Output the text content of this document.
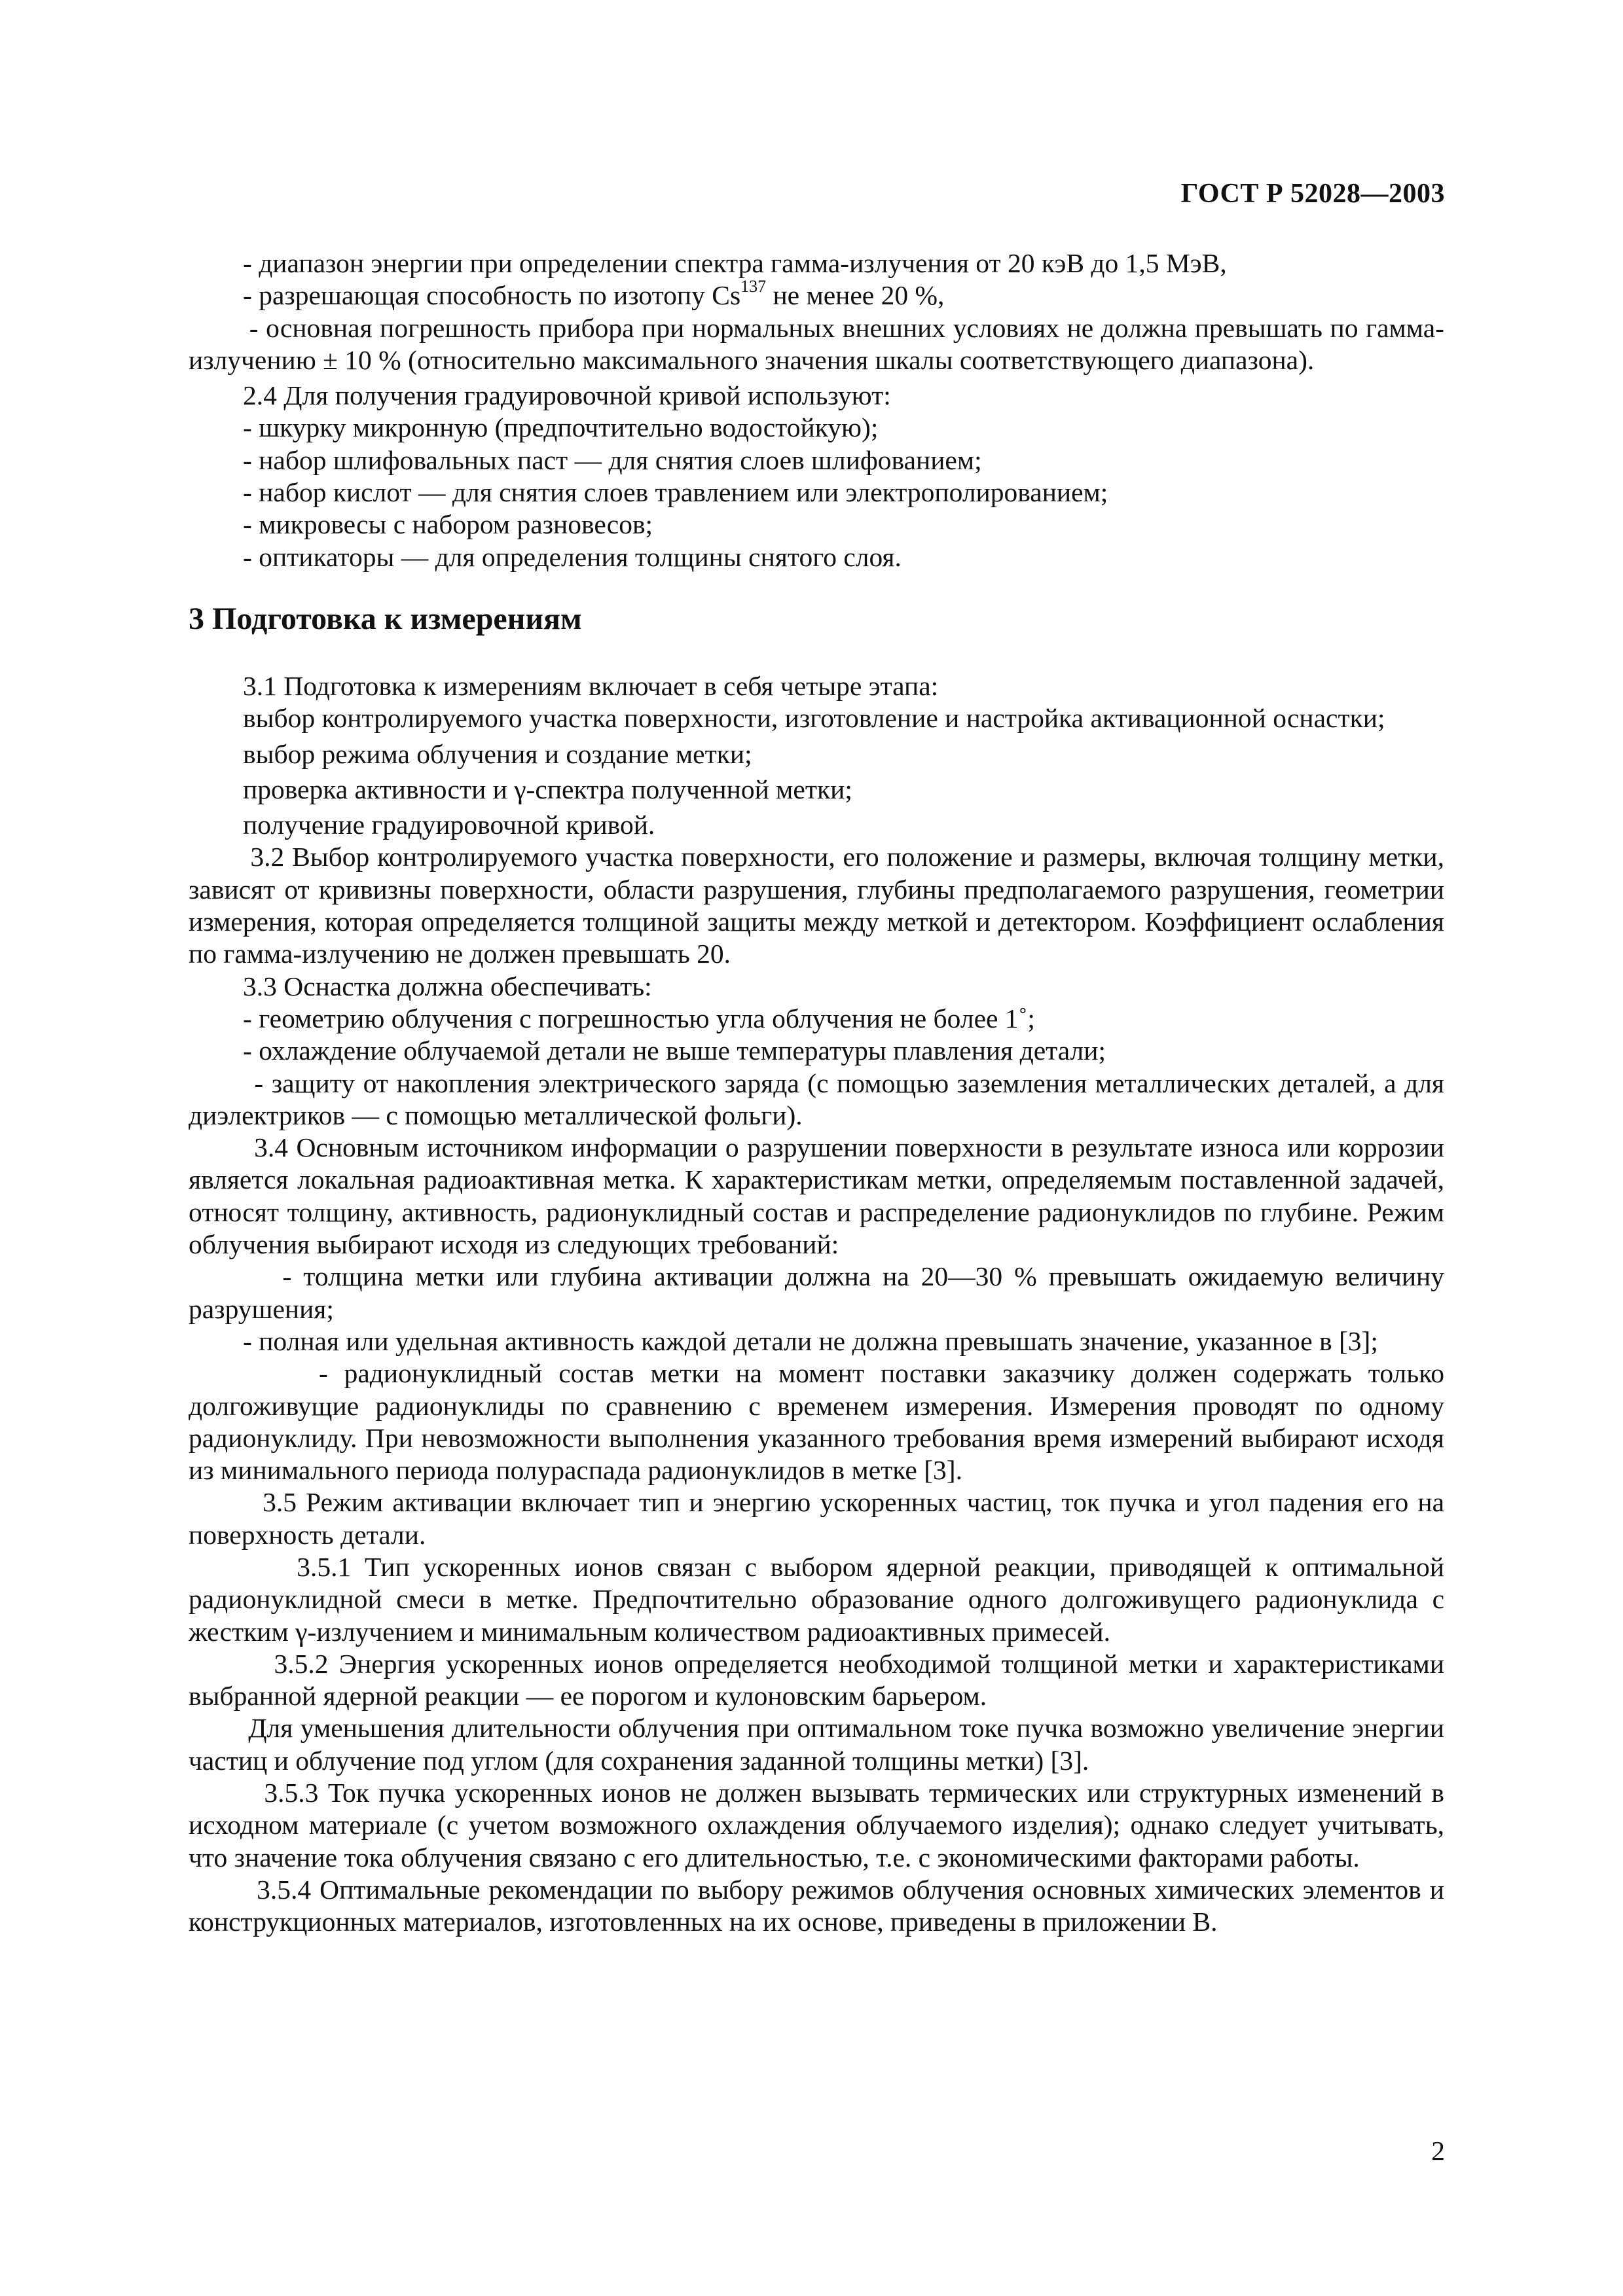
ГОСТ Р 52028—2003

- диапазон энергии при определении спектра гамма-излучения от 20 кэВ до 1,5 МэВ,

- разрешающая способность по изотопу Cs$^{137}$ не менее 20 %,

- основная погрешность прибора при нормальных внешних условиях не должна превышать по гамма-излучению ± 10 % (относительно максимального значения шкалы соответствующего диапазона).

2.4 Для получения градуировочной кривой используют:

- шкурку микронную (предпочтительно водостойкую);

- набор шлифовальных паст — для снятия слоев шлифованием;

- набор кислот — для снятия слоев травлением или электрополированием;

- микровесы с набором разновесов;

- оптикаторы — для определения толщины снятого слоя.

3 Подготовка к измерениям

3.1 Подготовка к измерениям включает в себя четыре этапа:

выбор контролируемого участка поверхности, изготовление и настройка активационной оснастки;

выбор режима облучения и создание метки;

проверка активности и γ-спектра полученной метки;

получение градуировочной кривой.

3.2 Выбор контролируемого участка поверхности, его положение и размеры, включая толщину метки, зависят от кривизны поверхности, области разрушения, глубины предполагаемого разрушения, геометрии измерения, которая определяется толщиной защиты между меткой и детектором. Коэффициент ослабления по гамма-излучению не должен превышать 20.

3.3 Оснастка должна обеспечивать:

- геометрию облучения с погрешностью угла облучения не более 1˚;

- охлаждение облучаемой детали не выше температуры плавления детали;

- защиту от накопления электрического заряда (с помощью заземления металлических деталей, а для диэлектриков — с помощью металлической фольги).

3.4 Основным источником информации о разрушении поверхности в результате износа или коррозии является локальная радиоактивная метка. К характеристикам метки, определяемым поставленной задачей, относят толщину, активность, радионуклидный состав и распределение радионуклидов по глубине. Режим облучения выбирают исходя из следующих требований:

- толщина метки или глубина активации должна на 20—30 % превышать ожидаемую величину разрушения;

- полная или удельная активность каждой детали не должна превышать значение, указанное в [3];

- радионуклидный состав метки на момент поставки заказчику должен содержать только долгоживущие радионуклиды по сравнению с временем измерения. Измерения проводят по одному радионуклиду. При невозможности выполнения указанного требования время измерений выбирают исходя из минимального периода полураспада радионуклидов в метке [3].

3.5 Режим активации включает тип и энергию ускоренных частиц, ток пучка и угол падения его на поверхность детали.

3.5.1 Тип ускоренных ионов связан с выбором ядерной реакции, приводящей к оптимальной радионуклидной смеси в метке. Предпочтительно образование одного долгоживущего радионуклида с жестким γ-излучением и минимальным количеством радиоактивных примесей.

3.5.2 Энергия ускоренных ионов определяется необходимой толщиной метки и характеристиками выбранной ядерной реакции — ее порогом и кулоновским барьером.

Для уменьшения длительности облучения при оптимальном токе пучка возможно увеличение энергии частиц и облучение под углом (для сохранения заданной толщины метки) [3].

3.5.3 Ток пучка ускоренных ионов не должен вызывать термических или структурных изменений в исходном материале (с учетом возможного охлаждения облучаемого изделия); однако следует учитывать, что значение тока облучения связано с его длительностью, т.е. с экономическими факторами работы.

3.5.4 Оптимальные рекомендации по выбору режимов облучения основных химических элементов и конструкционных материалов, изготовленных на их основе, приведены в приложении В.

2
